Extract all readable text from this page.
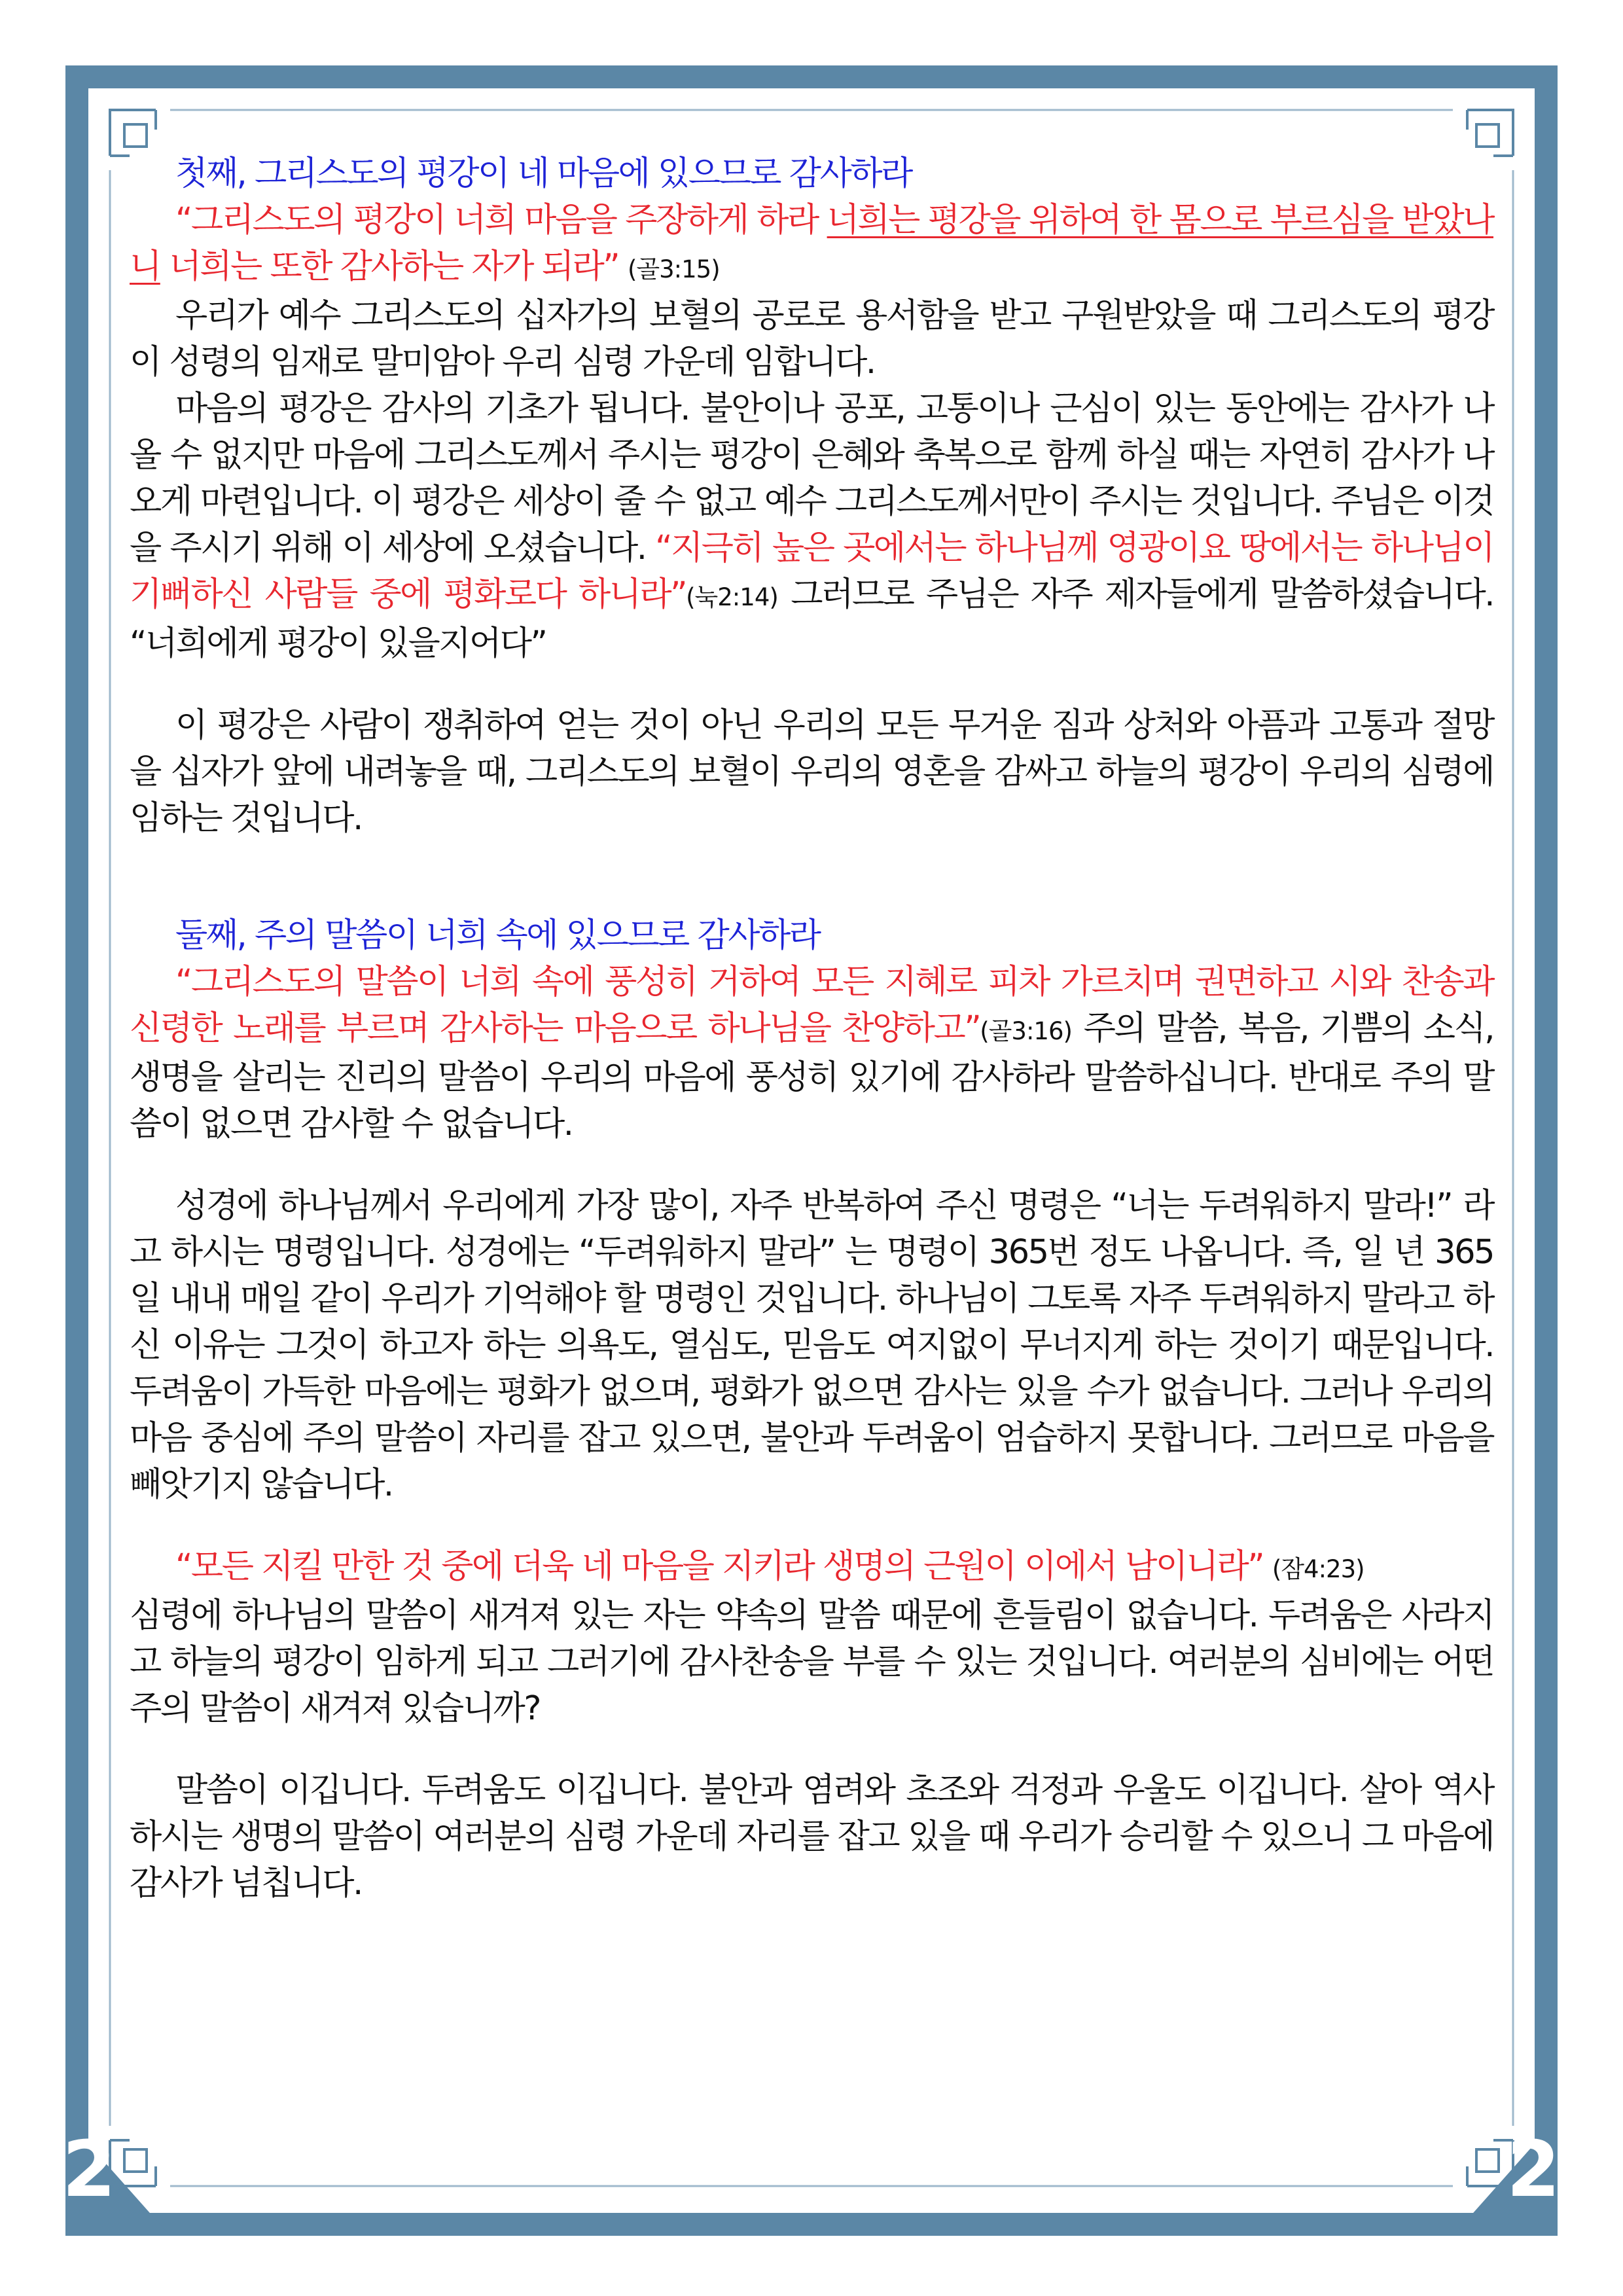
2	2

첫째, 그리스도의 평강이 네 마음에 있으므로 감사하라

“그리스도의 평강이 너희 마음을 주장하게 하라 너희는 평강을 위하여 한 몸으로 부르심을 받았나니 너희는 또한 감사하는 자가 되라” (골3:15)

우리가 예수 그리스도의 십자가의 보혈의 공로로 용서함을 받고 구원받았을 때 그리스도의 평강이 성령의 임재로 말미암아 우리 심령 가운데 임합니다.

마음의 평강은 감사의 기초가 됩니다. 불안이나 공포, 고통이나 근심이 있는 동안에는 감사가 나올 수 없지만 마음에 그리스도께서 주시는 평강이 은혜와 축복으로 함께 하실 때는 자연히 감사가 나오게 마련입니다. 이 평강은 세상이 줄 수 없고 예수 그리스도께서만이 주시는 것입니다. 주님은 이것을 주시기 위해 이 세상에 오셨습니다. “지극히 높은 곳에서는 하나님께 영광이요 땅에서는 하나님이 기뻐하신 사람들 중에 평화로다 하니라”(눅2:14) 그러므로 주님은 자주 제자들에게 말씀하셨습니다. “너희에게 평강이 있을지어다”

이 평강은 사람이 쟁취하여 얻는 것이 아닌 우리의 모든 무거운 짐과 상처와 아픔과 고통과 절망을 십자가 앞에 내려놓을 때, 그리스도의 보혈이 우리의 영혼을 감싸고 하늘의 평강이 우리의 심령에 임하는 것입니다.

둘째, 주의 말씀이 너희 속에 있으므로 감사하라

“그리스도의 말씀이 너희 속에 풍성히 거하여 모든 지혜로 피차 가르치며 권면하고 시와 찬송과 신령한 노래를 부르며 감사하는 마음으로 하나님을 찬양하고”(골3:16) 주의 말씀, 복음, 기쁨의 소식, 생명을 살리는 진리의 말씀이 우리의 마음에 풍성히 있기에 감사하라 말씀하십니다. 반대로 주의 말씀이 없으면 감사할 수 없습니다.

성경에 하나님께서 우리에게 가장 많이, 자주 반복하여 주신 명령은 “너는 두려워하지 말라!” 라고 하시는 명령입니다. 성경에는 “두려워하지 말라” 는 명령이 365번 정도 나옵니다. 즉, 일 년 365일 내내 매일 같이 우리가 기억해야 할 명령인 것입니다. 하나님이 그토록 자주 두려워하지 말라고 하신 이유는 그것이 하고자 하는 의욕도, 열심도, 믿음도 여지없이 무너지게 하는 것이기 때문입니다. 두려움이 가득한 마음에는 평화가 없으며, 평화가 없으면 감사는 있을 수가 없습니다. 그러나 우리의 마음 중심에 주의 말씀이 자리를 잡고 있으면, 불안과 두려움이 엄습하지 못합니다. 그러므로 마음을 빼앗기지 않습니다.

“모든 지킬 만한 것 중에 더욱 네 마음을 지키라 생명의 근원이 이에서 남이니라” (잠4:23)

심령에 하나님의 말씀이 새겨져 있는 자는 약속의 말씀 때문에 흔들림이 없습니다. 두려움은 사라지고 하늘의 평강이 임하게 되고 그러기에 감사찬송을 부를 수 있는 것입니다. 여러분의 심비에는 어떤 주의 말씀이 새겨져 있습니까?

말씀이 이깁니다. 두려움도 이깁니다. 불안과 염려와 초조와 걱정과 우울도 이깁니다. 살아 역사하시는 생명의 말씀이 여러분의 심령 가운데 자리를 잡고 있을 때 우리가 승리할 수 있으니 그 마음에 감사가 넘칩니다.
